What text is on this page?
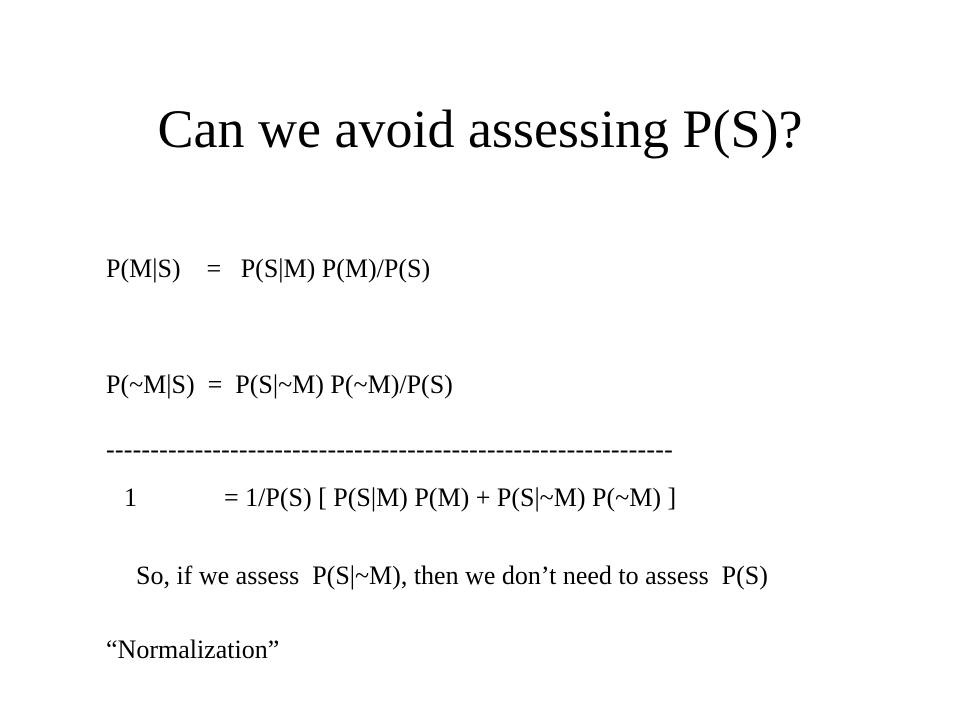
Can we avoid assessing P(S)?
P(M|S)    =   P(S|M) P(M)/P(S)
P(~M|S)  =  P(S|~M) P(~M)/P(S)
----------------------------------------------------------------
1	= 1/P(S) [ P(S|M) P(M) + P(S|~M) P(~M) ]
So, if we assess  P(S|~M), then we don’t need to assess  P(S)
“Normalization”
